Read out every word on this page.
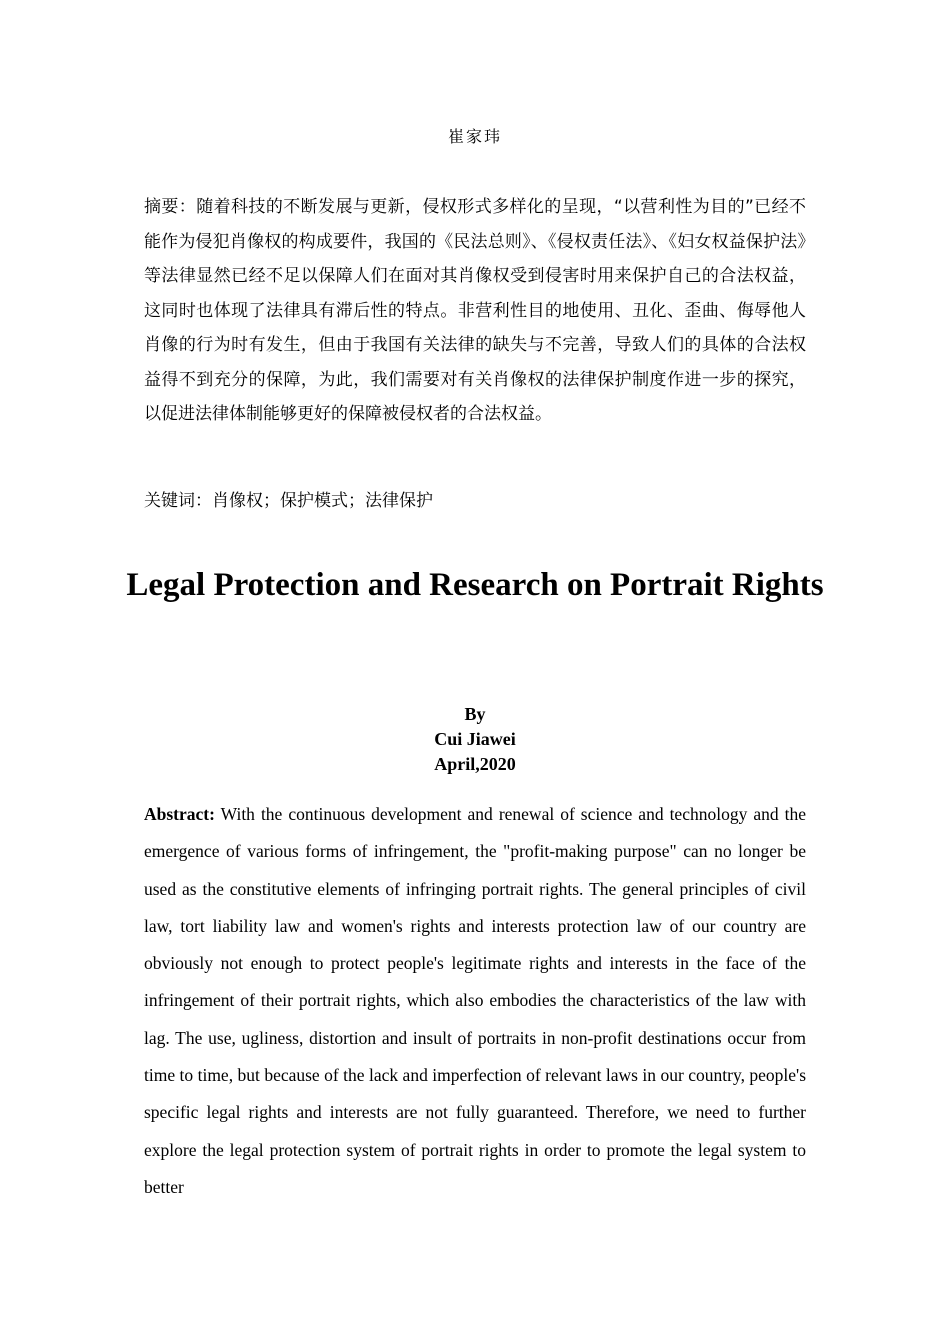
崔家玮

摘要：随着科技的不断发展与更新，侵权形式多样化的呈现，“以营利性为目的”已经不能作为侵犯肖像权的构成要件，我国的《民法总则》、《侵权责任法》、《妇女权益保护法》等法律显然已经不足以保障人们在面对其肖像权受到侵害时用来保护自己的合法权益，这同时也体现了法律具有滞后性的特点。非营利性目的地使用、丑化、歪曲、侮辱他人肖像的行为时有发生，但由于我国有关法律的缺失与不完善，导致人们的具体的合法权益得不到充分的保障，为此，我们需要对有关肖像权的法律保护制度作进一步的探究，以促进法律体制能够更好的保障被侵权者的合法权益。

关键词：肖像权；保护模式；法律保护

Legal Protection and Research on Portrait Rights
By
Cui Jiawei
April,2020

Abstract: With the continuous development and renewal of science and technology and the emergence of various forms of infringement, the "profit-making purpose" can no longer be used as the constitutive elements of infringing portrait rights. The general principles of civil law, tort liability law and women's rights and interests protection law of our country are obviously not enough to protect people's legitimate rights and interests in the face of the infringement of their portrait rights, which also embodies the characteristics of the law with lag. The use, ugliness, distortion and insult of portraits in non-profit destinations occur from time to time, but because of the lack and imperfection of relevant laws in our country, people's specific legal rights and interests are not fully guaranteed. Therefore, we need to further explore the legal protection system of portrait rights in order to promote the legal system to better
